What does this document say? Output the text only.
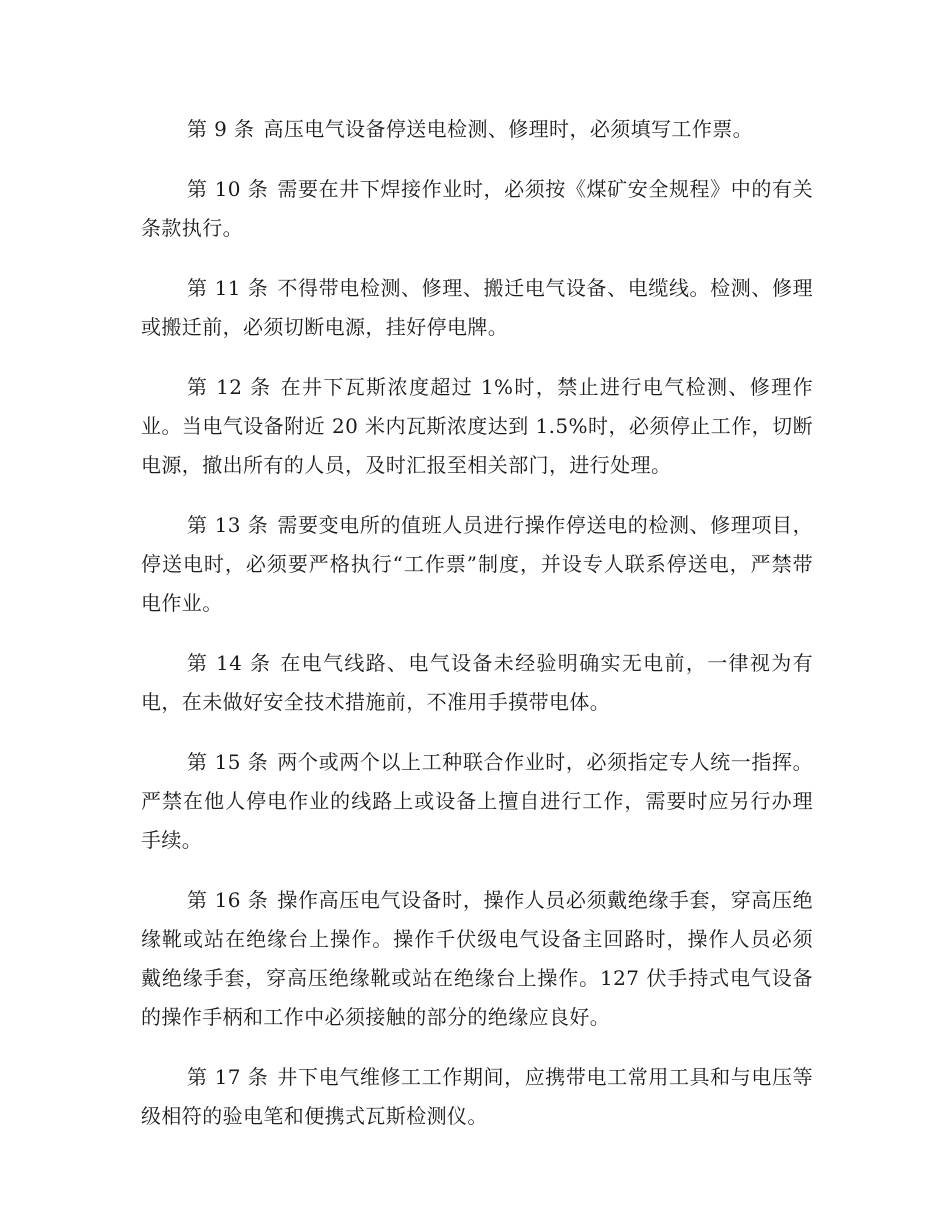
第 9 条 高压电气设备停送电检测、修理时，必须填写工作票。

第 10 条 需要在井下焊接作业时，必须按《煤矿安全规程》中的有关条款执行。

第 11 条 不得带电检测、修理、搬迁电气设备、电缆线。检测、修理或搬迁前，必须切断电源，挂好停电牌。

第 12 条 在井下瓦斯浓度超过 1%时，禁止进行电气检测、修理作业。当电气设备附近 20 米内瓦斯浓度达到 1.5%时，必须停止工作，切断电源，撤出所有的人员，及时汇报至相关部门，进行处理。

第 13 条 需要变电所的值班人员进行操作停送电的检测、修理项目，停送电时，必须要严格执行“工作票”制度，并设专人联系停送电，严禁带电作业。

第 14 条 在电气线路、电气设备未经验明确实无电前，一律视为有电，在未做好安全技术措施前，不准用手摸带电体。

第 15 条 两个或两个以上工种联合作业时，必须指定专人统一指挥。严禁在他人停电作业的线路上或设备上擅自进行工作，需要时应另行办理手续。

第 16 条 操作高压电气设备时，操作人员必须戴绝缘手套，穿高压绝缘靴或站在绝缘台上操作。操作千伏级电气设备主回路时，操作人员必须戴绝缘手套，穿高压绝缘靴或站在绝缘台上操作。127 伏手持式电气设备的操作手柄和工作中必须接触的部分的绝缘应良好。

第 17 条 井下电气维修工工作期间，应携带电工常用工具和与电压等级相符的验电笔和便携式瓦斯检测仪。
